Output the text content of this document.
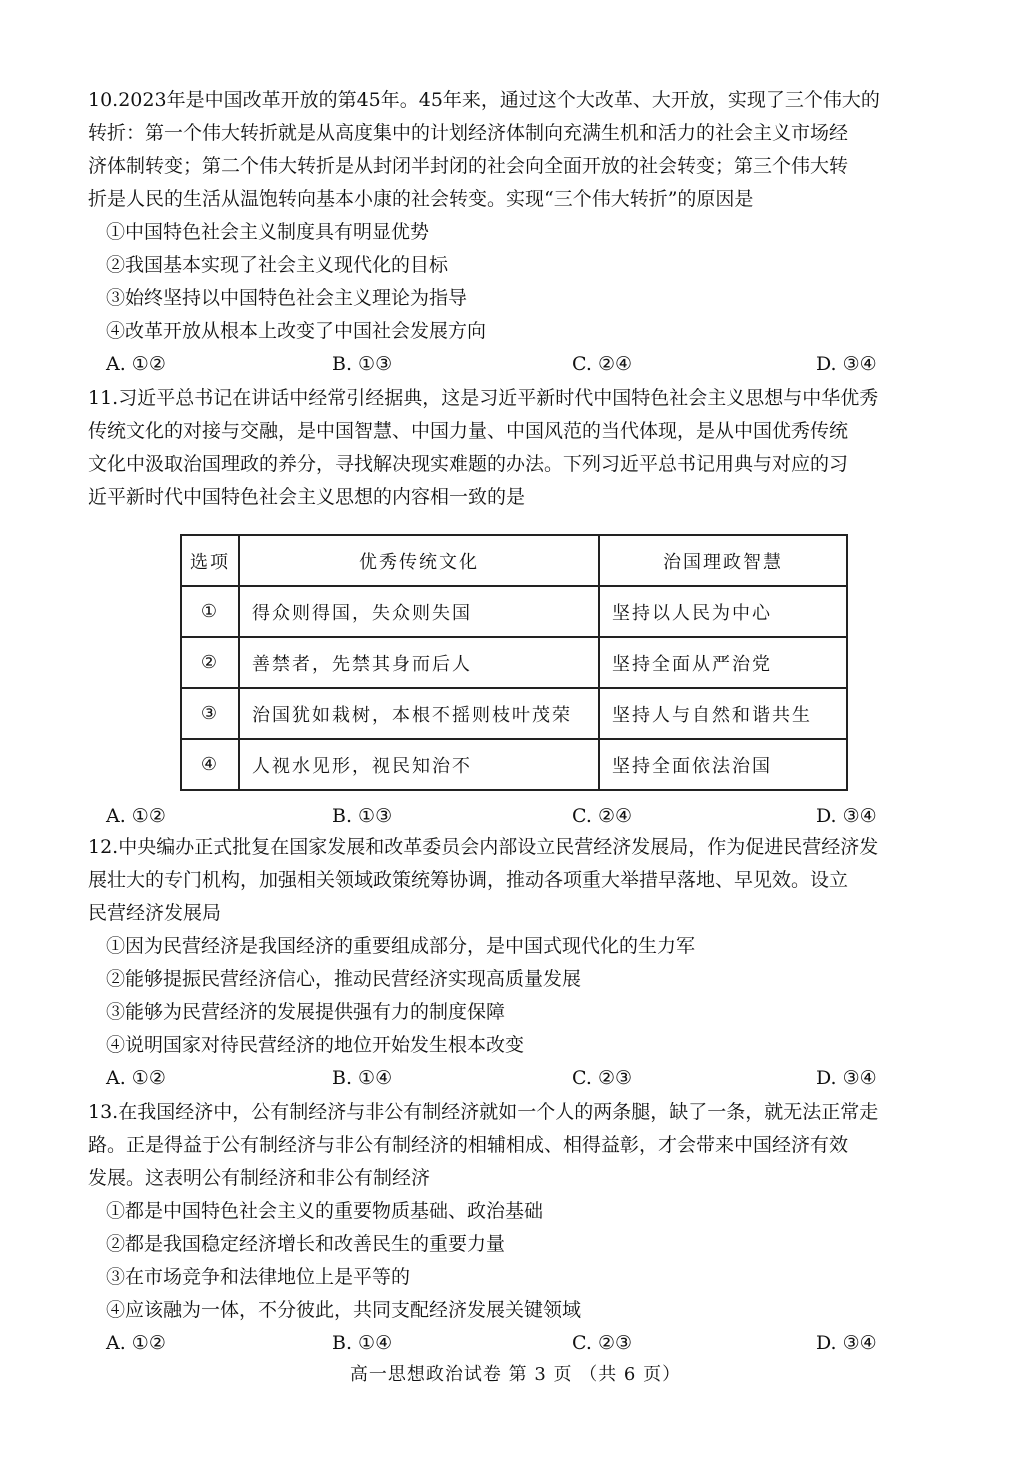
10.2023年是中国改革开放的第45年。45年来，通过这个大改革、大开放，实现了三个伟大的
转折：第一个伟大转折就是从高度集中的计划经济体制向充满生机和活力的社会主义市场经
济体制转变；第二个伟大转折是从封闭半封闭的社会向全面开放的社会转变；第三个伟大转
折是人民的生活从温饱转向基本小康的社会转变。实现“三个伟大转折”的原因是
①中国特色社会主义制度具有明显优势
②我国基本实现了社会主义现代化的目标
③始终坚持以中国特色社会主义理论为指导
④改革开放从根本上改变了中国社会发展方向
A. ①②	B. ①③	C. ②④	D. ③④
11.习近平总书记在讲话中经常引经据典，这是习近平新时代中国特色社会主义思想与中华优秀
传统文化的对接与交融，是中国智慧、中国力量、中国风范的当代体现，是从中国优秀传统
文化中汲取治国理政的养分，寻找解决现实难题的办法。下列习近平总书记用典与对应的习
近平新时代中国特色社会主义思想的内容相一致的是
选项	优秀传统文化	治国理政智慧
①	得众则得国，失众则失国	坚持以人民为中心
②	善禁者，先禁其身而后人	坚持全面从严治党
③	治国犹如栽树，本根不摇则枝叶茂荣	坚持人与自然和谐共生
④	人视水见形，视民知治不	坚持全面依法治国
A. ①②	B. ①③	C. ②④	D. ③④
12.中央编办正式批复在国家发展和改革委员会内部设立民营经济发展局，作为促进民营经济发
展壮大的专门机构，加强相关领域政策统筹协调，推动各项重大举措早落地、早见效。设立
民营经济发展局
①因为民营经济是我国经济的重要组成部分，是中国式现代化的生力军
②能够提振民营经济信心，推动民营经济实现高质量发展
③能够为民营经济的发展提供强有力的制度保障
④说明国家对待民营经济的地位开始发生根本改变
A. ①②	B. ①④	C. ②③	D. ③④
13.在我国经济中，公有制经济与非公有制经济就如一个人的两条腿，缺了一条，就无法正常走
路。正是得益于公有制经济与非公有制经济的相辅相成、相得益彰，才会带来中国经济有效
发展。这表明公有制经济和非公有制经济
①都是中国特色社会主义的重要物质基础、政治基础
②都是我国稳定经济增长和改善民生的重要力量
③在市场竞争和法律地位上是平等的
④应该融为一体，不分彼此，共同支配经济发展关键领域
A. ①②	B. ①④	C. ②③	D. ③④
高一思想政治试卷 第 3 页 （共 6 页）
